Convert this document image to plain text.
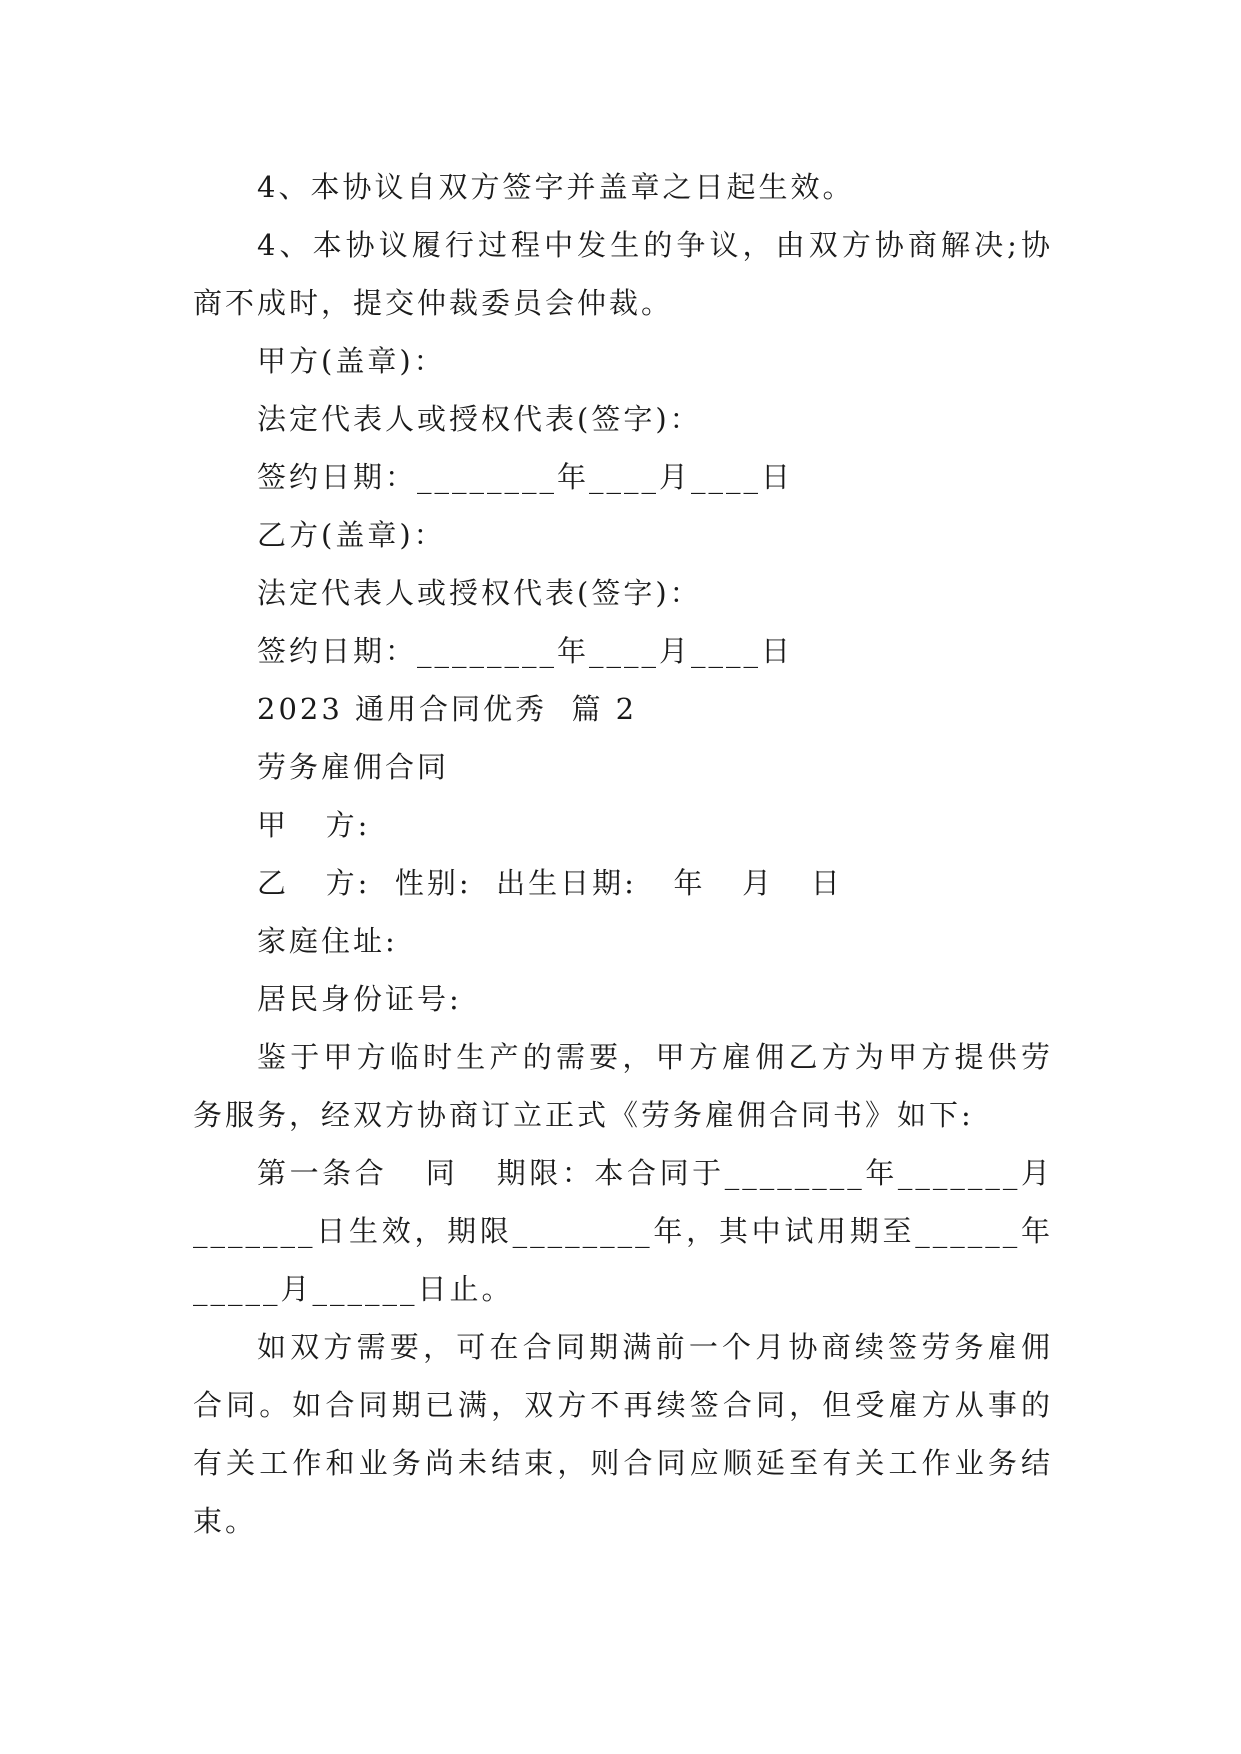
4、本协议自双方签字并盖章之日起生效。
4、本协议履行过程中发生的争议，由双方协商解决;协
商不成时，提交仲裁委员会仲裁。
甲方(盖章)：
法定代表人或授权代表(签字)：
签约日期：________年____月____日
乙方(盖章)：
法定代表人或授权代表(签字)：
签约日期：________年____月____日
2023 通用合同优秀  篇 2
劳务雇佣合同
甲   方:
乙   方:  性别:  出生日期:   年   月   日
家庭住址:
居民身份证号:
鉴于甲方临时生产的需要，甲方雇佣乙方为甲方提供劳
务服务，经双方协商订立正式《劳务雇佣合同书》如下:
第一条合   同   期限：本合同于________年_______月
_______日生效，期限________年，其中试用期至______年
_____月______日止。
如双方需要，可在合同期满前一个月协商续签劳务雇佣
合同。如合同期已满，双方不再续签合同，但受雇方从事的
有关工作和业务尚未结束，则合同应顺延至有关工作业务结
束。
